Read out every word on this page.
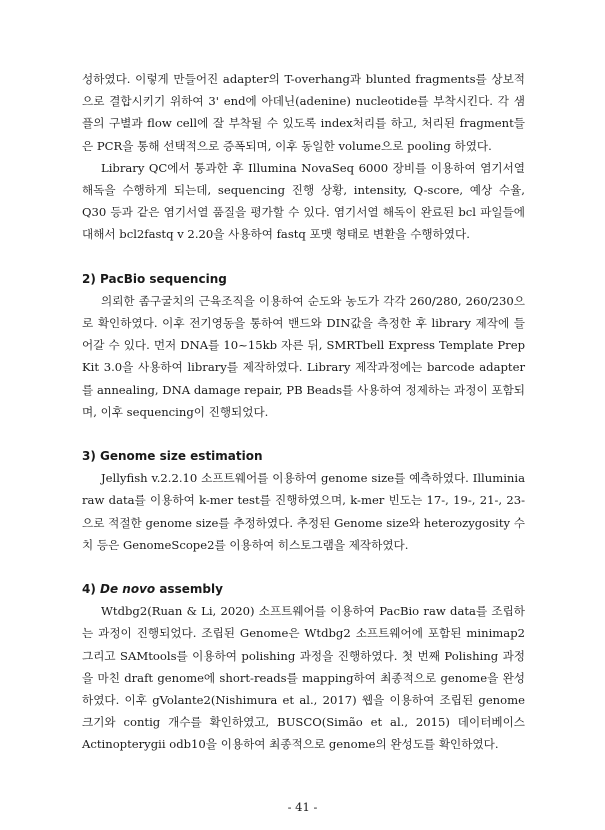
성하였다. 이렇게 만들어진 adapter의 T-overhang과 blunted fragments를 상보적으로 결합시키기 위하여 3' end에 아데닌(adenine) nucleotide를 부착시킨다. 각 샘플의 구별과 flow cell에 잘 부착될 수 있도록 index처리를 하고, 처리된 fragment들은 PCR을 통해 선택적으로 증폭되며, 이후 동일한 volume으로 pooling 하였다.

Library QC에서 통과한 후 Illumina NovaSeq 6000 장비를 이용하여 염기서열 해독을 수행하게 되는데, sequencing 진행 상황, intensity, Q-score, 예상 수율, Q30 등과 같은 염기서열 품질을 평가할 수 있다. 염기서열 해독이 완료된 bcl 파일들에 대해서 bcl2fastq v 2.20을 사용하여 fastq 포맷 형태로 변환을 수행하였다.

2) PacBio sequencing

의뢰한 좀구굴치의 근육조직을 이용하여 순도와 농도가 각각 260/280, 260/230으로 확인하였다. 이후 전기영동을 통하여 밴드와 DIN값을 측정한 후 library 제작에 들어갈 수 있다. 먼저 DNA를 10~15kb 자른 뒤, SMRTbell Express Template Prep Kit 3.0을 사용하여 library를 제작하였다. Library 제작과정에는 barcode adapter를 annealing, DNA damage repair, PB Beads를 사용하여 정제하는 과정이 포함되며, 이후 sequencing이 진행되었다.

3) Genome size estimation

Jellyfish v.2.2.10 소프트웨어를 이용하여 genome size를 예측하였다. Illuminia raw data를 이용하여 k-mer test를 진행하였으며, k-mer 빈도는 17-, 19-, 21-, 23- 으로 적절한 genome size를 추정하였다. 추정된 Genome size와 heterozygosity 수치 등은 GenomeScope2를 이용하여 히스토그램을 제작하였다.

4) De novo assembly

Wtdbg2(Ruan & Li, 2020) 소프트웨어를 이용하여 PacBio raw data를 조립하는 과정이 진행되었다. 조립된 Genome은 Wtdbg2 소프트웨어에 포함된 minimap2 그리고 SAMtools를 이용하여 polishing 과정을 진행하였다. 첫 번째 Polishing 과정을 마친 draft genome에 short-reads를 mapping하여 최종적으로 genome을 완성하였다. 이후 gVolante2(Nishimura et al., 2017) 웹을 이용하여 조립된 genome 크기와 contig 개수를 확인하였고, BUSCO(Simão et al., 2015) 데이터베이스 Actinopterygii odb10을 이용하여 최종적으로 genome의 완성도를 확인하였다.

- 41 -
